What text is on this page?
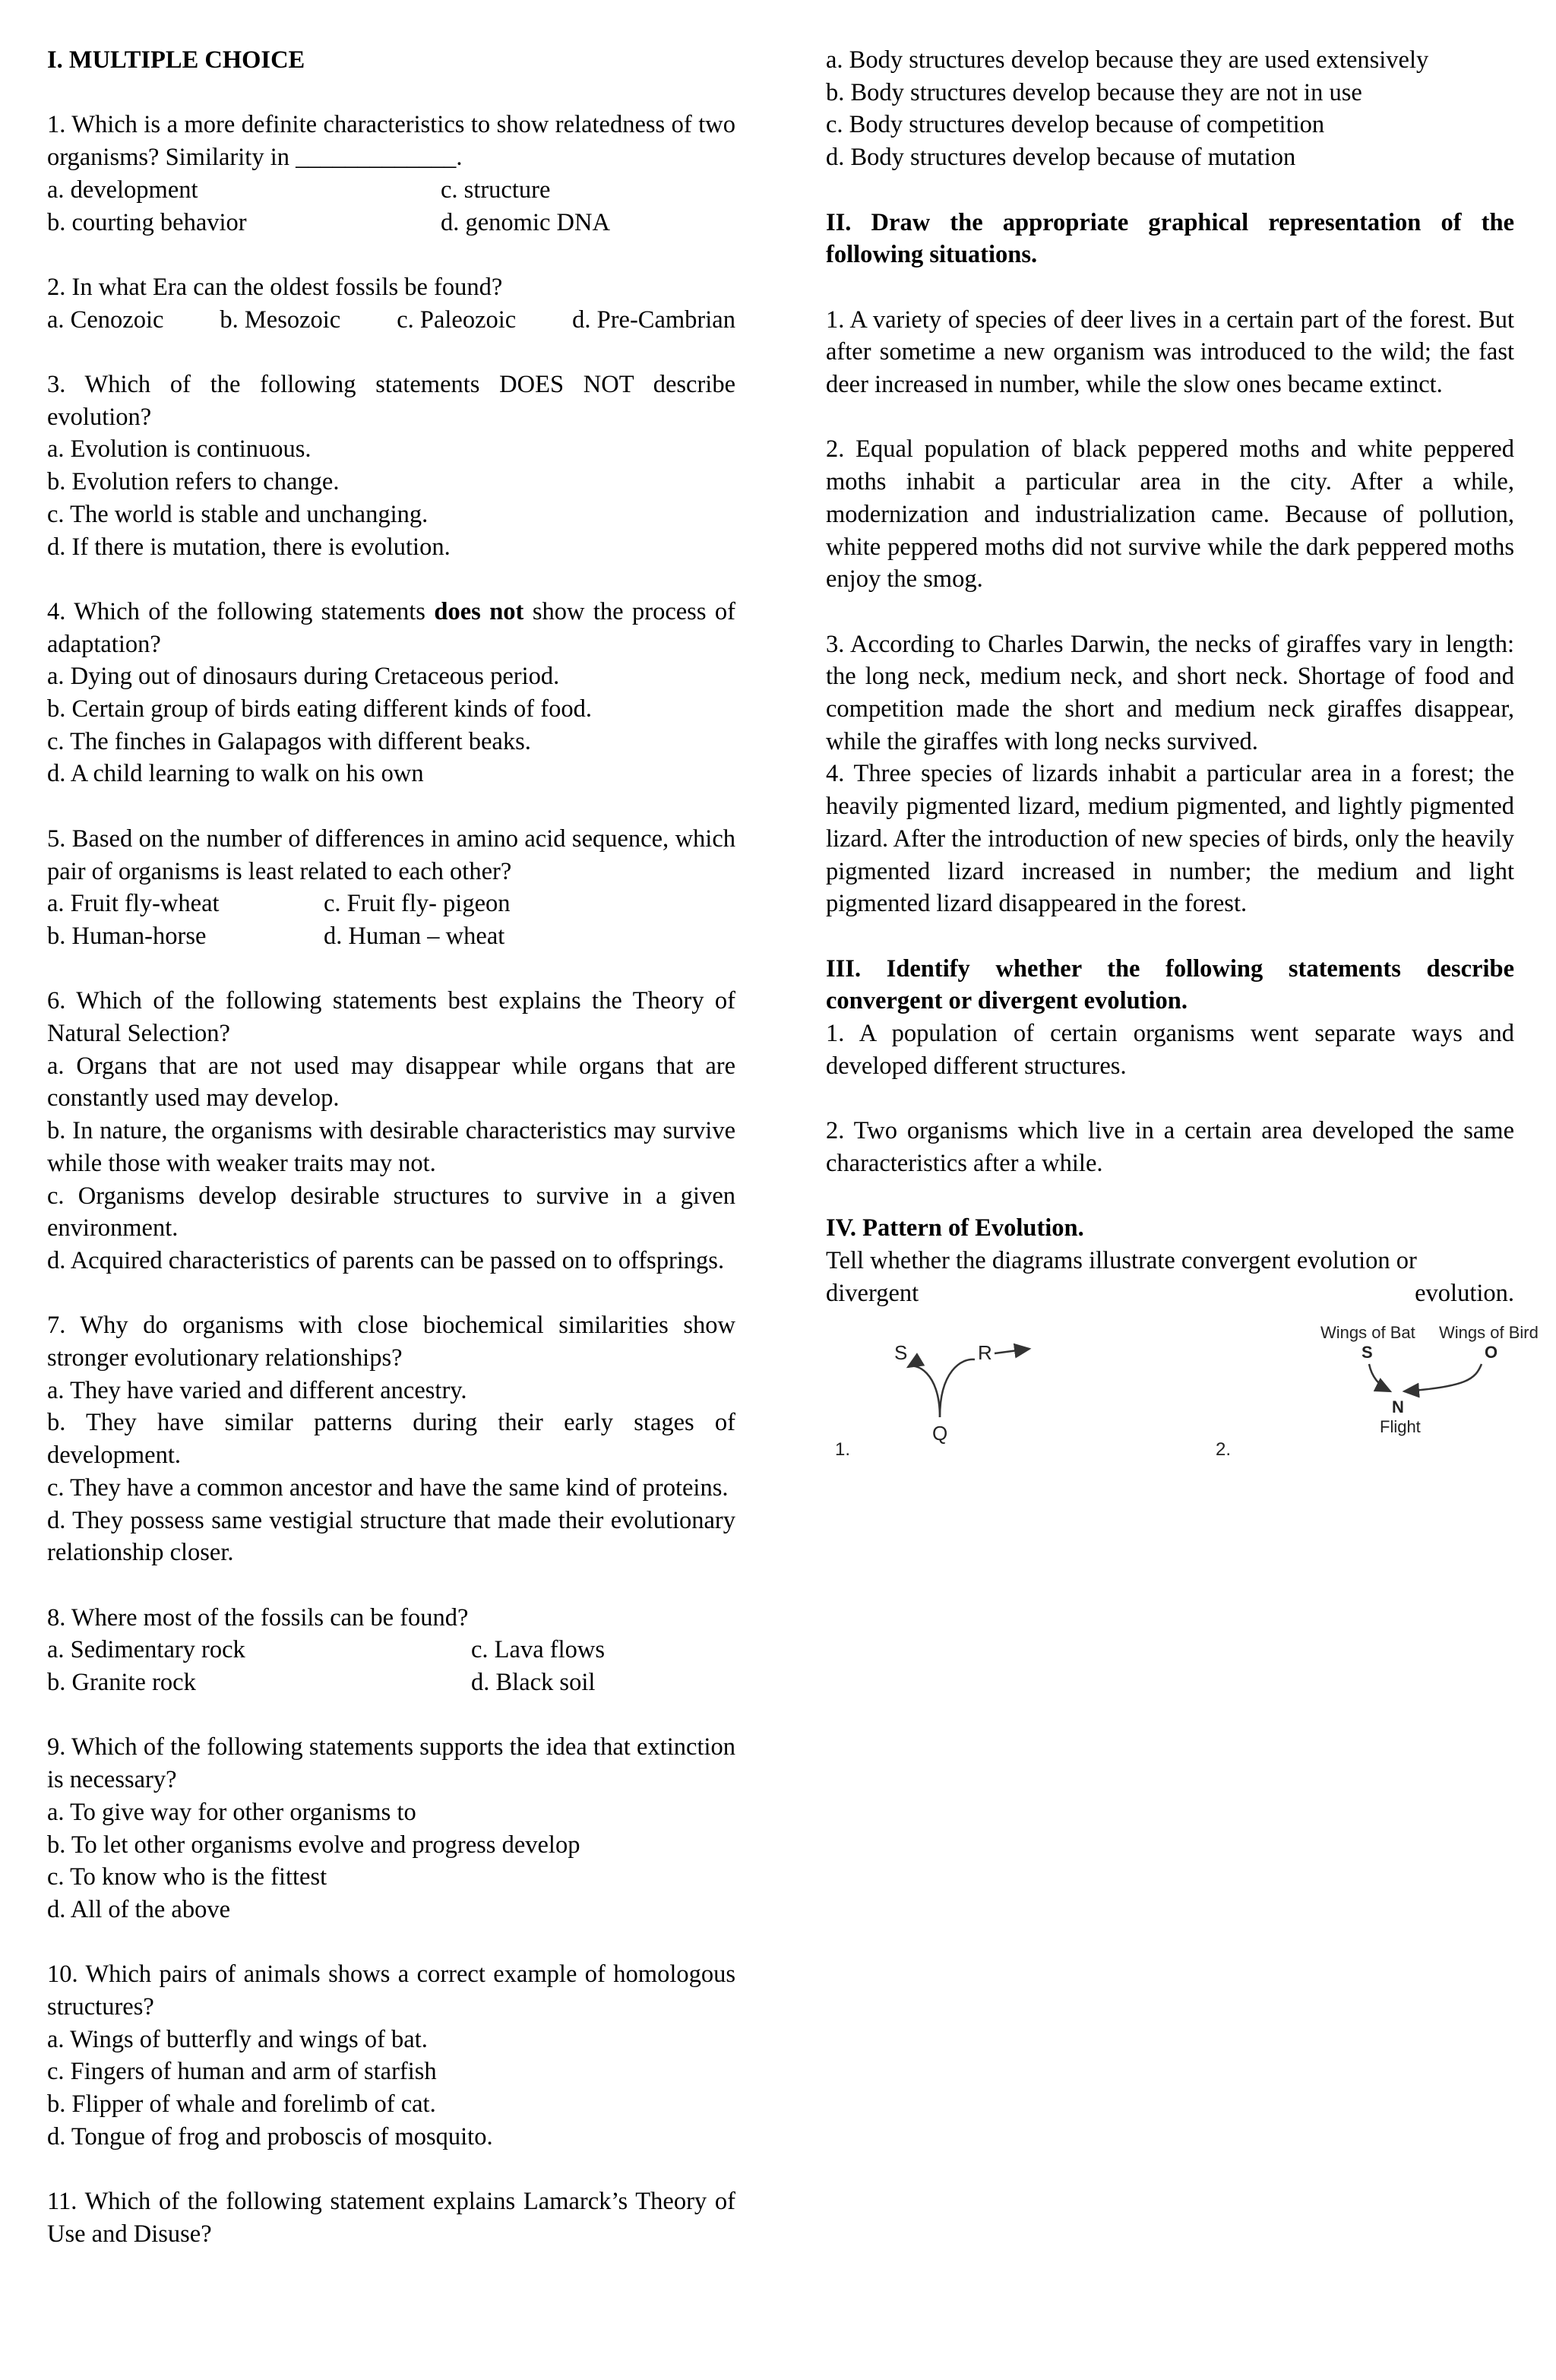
I. MULTIPLE CHOICE

1. Which is a more definite characteristics to show relatedness of two organisms? Similarity in _____________.

a. development	c. structure
b. courting behavior	d. genomic DNA

2. In what Era can the oldest fossils be found?

a. Cenozoic b. Mesozoic c. Paleozoic d. Pre-Cambrian

3. Which of the following statements DOES NOT describe evolution?

a. Evolution is continuous.

b. Evolution refers to change.

c. The world is stable and unchanging.

d. If there is mutation, there is evolution.

4. Which of the following statements does not show the process of adaptation?

a. Dying out of dinosaurs during Cretaceous period.

b. Certain group of birds eating different kinds of food.

c. The finches in Galapagos with different beaks.

d. A child learning to walk on his own

5. Based on the number of differences in amino acid sequence, which pair of organisms is least related to each other?

a. Fruit fly-wheat	c. Fruit fly- pigeon
b. Human-horse	d. Human – wheat

6. Which of the following statements best explains the Theory of Natural Selection?

a. Organs that are not used may disappear while organs that are constantly used may develop.

b. In nature, the organisms with desirable characteristics may survive while those with weaker traits may not.

c. Organisms develop desirable structures to survive in a given environment.

d. Acquired characteristics of parents can be passed on to offsprings.

7. Why do organisms with close biochemical similarities show stronger evolutionary relationships?

a. They have varied and different ancestry.

b. They have similar patterns during their early stages of development.

c. They have a common ancestor and have the same kind of proteins.

d. They possess same vestigial structure that made their evolutionary relationship closer.

8. Where most of the fossils can be found?

a. Sedimentary rock	c. Lava flows
b. Granite rock	d. Black soil

9. Which of the following statements supports the idea that extinction is necessary?

a. To give way for other organisms to

b. To let other organisms evolve and progress develop

c. To know who is the fittest

d. All of the above

10. Which pairs of animals shows a correct example of homologous structures?

a. Wings of butterfly and wings of bat.

c. Fingers of human and arm of starfish

b. Flipper of whale and forelimb of cat.

d. Tongue of frog and proboscis of mosquito.

11. Which of the following statement explains Lamarck’s Theory of Use and Disuse?

a. Body structures develop because they are used extensively

b. Body structures develop because they are not in use

c. Body structures develop because of competition

d. Body structures develop because of mutation

II. Draw the appropriate graphical representation of the following situations.

1. A variety of species of deer lives in a certain part of the forest. But after sometime a new organism was introduced to the wild; the fast deer increased in number, while the slow ones became extinct.

2. Equal population of black peppered moths and white peppered moths inhabit a particular area in the city. After a while, modernization and industrialization came. Because of pollution, white peppered moths did not survive while the dark peppered moths enjoy the smog.

3. According to Charles Darwin, the necks of giraffes vary in length: the long neck, medium neck, and short neck. Shortage of food and competition made the short and medium neck giraffes disappear, while the giraffes with long necks survived.

4. Three species of lizards inhabit a particular area in a forest; the heavily pigmented lizard, medium pigmented, and lightly pigmented lizard. After the introduction of new species of birds, only the heavily pigmented lizard increased in number; the medium and light pigmented lizard disappeared in the forest.

III. Identify whether the following statements describe convergent or divergent evolution.

1. A population of certain organisms went separate ways and developed different structures.

2. Two organisms which live in a certain area developed the same characteristics after a while.

IV. Pattern of Evolution.

Tell whether the diagrams illustrate convergent evolution or

divergent	evolution.
S	R
Q
1.
Wings of Bat Wings of Bird
S	O
N
Flight
2.
